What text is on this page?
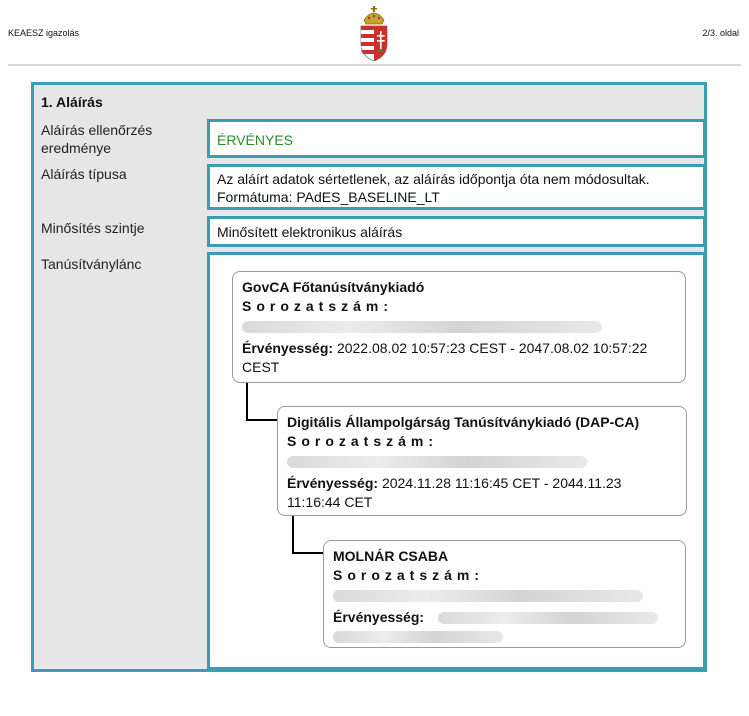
KEAESZ igazolás	2/3. oldal
1. Aláírás
Aláírás ellenőrzés eredménye	ÉRVÉNYES
Aláírás típusa	Az aláírt adatok sértetlenek, az aláírás időpontja óta nem módosultak.
Formátuma: PAdES_BASELINE_LT
Minősítés szintje	Minősített elektronikus aláírás
Tanúsítványlánc
GovCA Főtanúsítványkiadó
Sorozatszám:
Érvényesség: 2022.08.02 10:57:23 CEST - 2047.08.02 10:57:22 CEST
Digitális Állampolgárság Tanúsítványkiadó (DAP-CA)
Sorozatszám:
Érvényesség: 2024.11.28 11:16:45 CET - 2044.11.23 11:16:44 CET
MOLNÁR CSABA
Sorozatszám:
Érvényesség:
